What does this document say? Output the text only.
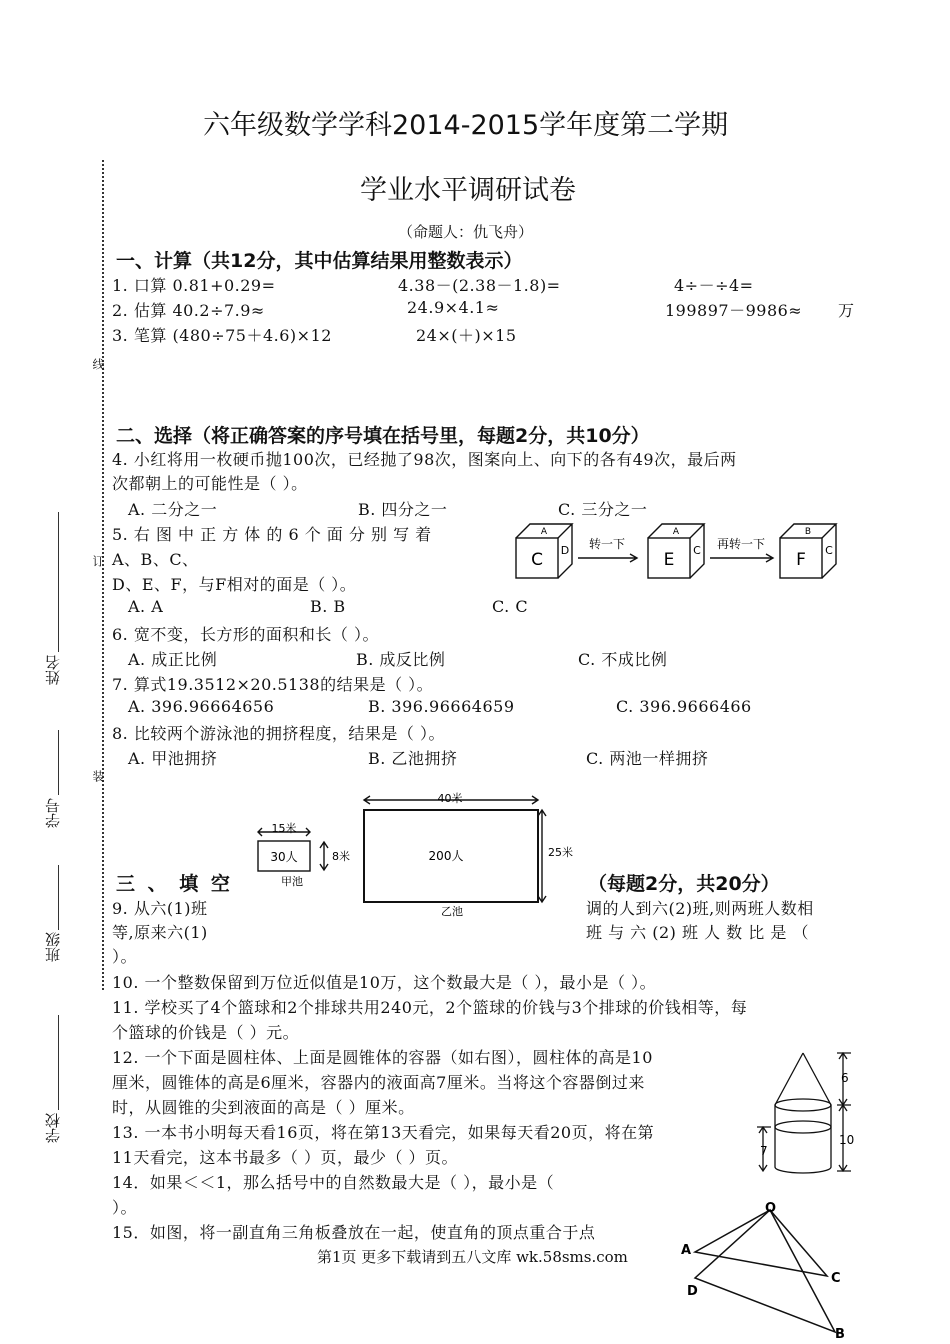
六年级数学学科2014-2015学年度第二学期
学业水平调研试卷
（命题人：仇飞舟）
线
订
装
姓名
学号
班级
学校
一、计算（共12分，其中估算结果用整数表示）
1. 口算 0.81+0.29=	4.38－(2.38－1.8)=	4÷－÷4=
2. 估算 40.2÷7.9≈	24.9×4.1≈	199897－9986≈ 万
3. 笔算 (480÷75＋4.6)×12	24×(＋)×15
二、选择（将正确答案的序号填在括号里，每题2分，共10分）
4. 小红将用一枚硬币抛100次，已经抛了98次，图案向上、向下的各有49次，最后两
次都朝上的可能性是（ ）。
A. 二分之一	B. 四分之一	C. 三分之一
5. 右 图 中 正 方 体 的 6 个 面 分 别 写 着
A、B、C、
D、E、F，与F相对的面是（ ）。
A. A	B. B	C. C
C
A
D	E
A
C	F
B
C
转一下	再转一下
6. 宽不变，长方形的面积和长（ ）。
A. 成正比例	B. 成反比例	C. 不成比例
7. 算式19.3512×20.5138的结果是（ ）。
A. 396.96664656	B. 396.96664659	C. 396.9666466
8. 比较两个游泳池的拥挤程度，结果是（ ）。
A. 甲池拥挤	B. 乙池拥挤	C. 两池一样拥挤
15米
30人	8米
甲池
40米
200人	25米
乙池
三 、 填 空	（每题2分，共20分）
9. 从六(1)班
等,原来六(1)
）。
调的人到六(2)班,则两班人数相
班 与 六 (2) 班 人 数 比 是 （
10. 一个整数保留到万位近似值是10万，这个数最大是（ ），最小是（ ）。
11. 学校买了4个篮球和2个排球共用240元，2个篮球的价钱与3个排球的价钱相等，每
个篮球的价钱是（ ）元。
12. 一个下面是圆柱体、上面是圆锥体的容器（如右图），圆柱体的高是10
厘米，圆锥体的高是6厘米，容器内的液面高7厘米。当将这个容器倒过来
时，从圆锥的尖到液面的高是（ ）厘米。
13. 一本书小明每天看16页，将在第13天看完，如果每天看20页，将在第
11天看完，这本书最多（ ）页，最少（ ）页。
14．如果＜＜1，那么括号中的自然数最大是（ ），最小是（
）。
15．如图，将一副直角三角板叠放在一起，使直角的顶点重合于点
6
10
7
O
A
C
D
B
第1页 更多下载请到五八文库 wk.58sms.com
